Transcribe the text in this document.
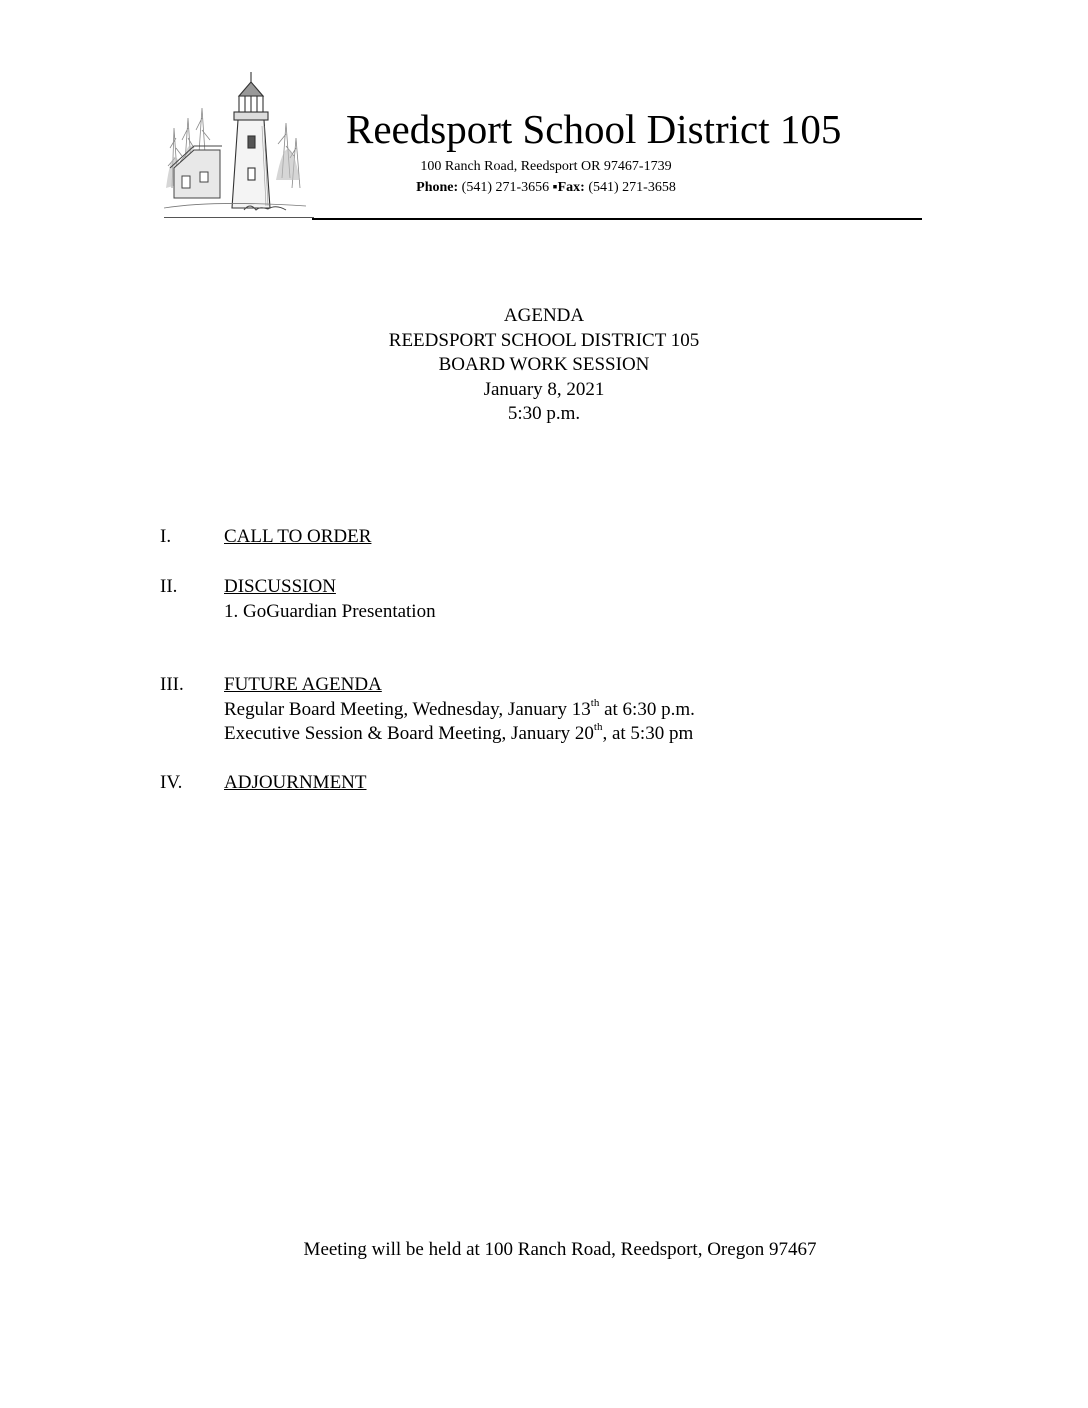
Reedsport School District 105
100 Ranch Road, Reedsport OR 97467-1739
Phone: (541) 271-3656 ▪Fax: (541) 271-3658
AGENDA
REEDSPORT SCHOOL DISTRICT 105
BOARD WORK SESSION
January 8, 2021
5:30 p.m.
I.	CALL TO ORDER
II. DISCUSSION
1. GoGuardian Presentation
III. FUTURE AGENDA
Regular Board Meeting, Wednesday, January 13th at 6:30 p.m.
Executive Session & Board Meeting, January 20th, at 5:30 pm
IV. ADJOURNMENT
Meeting will be held at 100 Ranch Road, Reedsport, Oregon 97467
